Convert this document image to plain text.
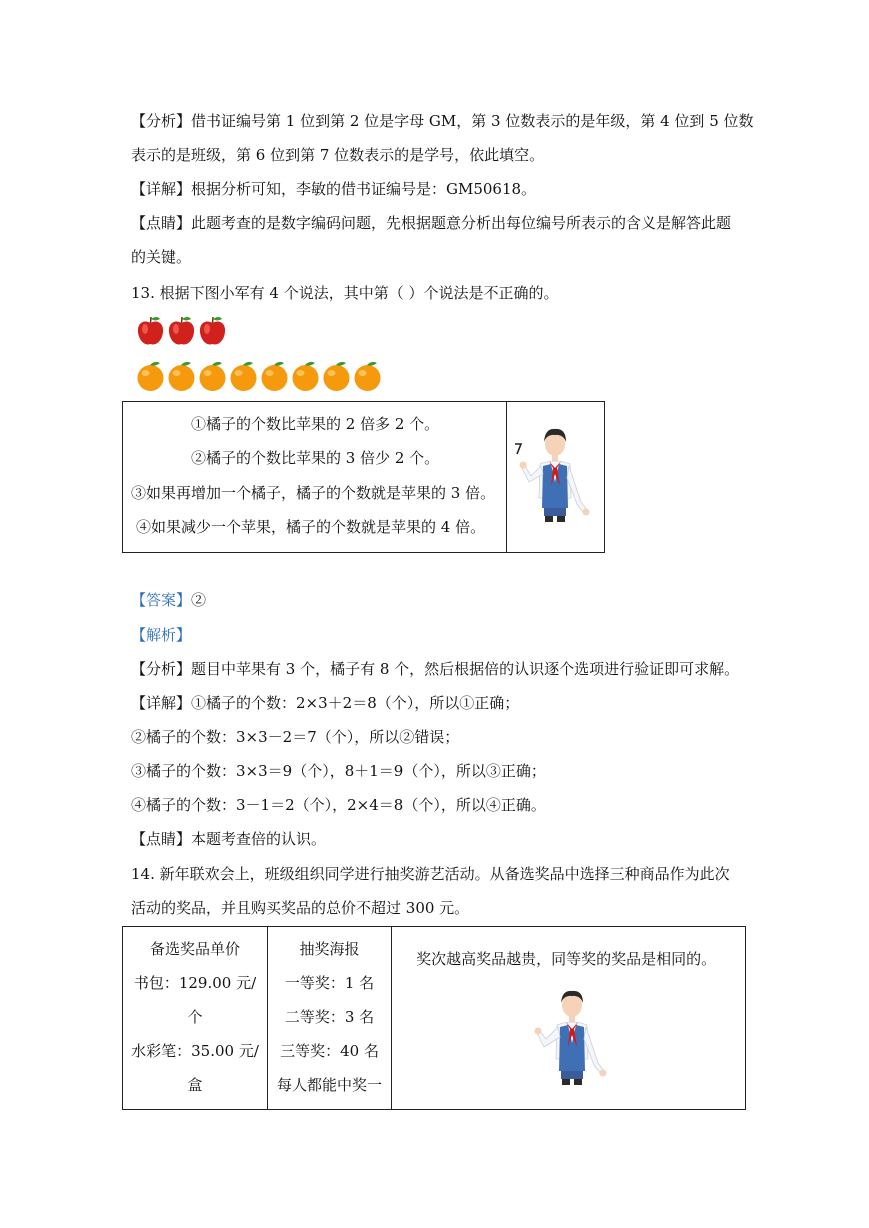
【分析】借书证编号第 1 位到第 2 位是字母 GM，第 3 位数表示的是年级，第 4 位到 5 位数
表示的是班级，第 6 位到第 7 位数表示的是学号，依此填空。
【详解】根据分析可知，李敏的借书证编号是：GM50618。
【点睛】此题考查的是数字编码问题，先根据题意分析出每位编号所表示的含义是解答此题
的关键。
13. 根据下图小军有 4 个说法，其中第（ ）个说法是不正确的。
①橘子的个数比苹果的 2 倍多 2 个。
②橘子的个数比苹果的 3 倍少 2 个。
③如果再增加一个橘子，橘子的个数就是苹果的 3 倍。
④如果减少一个苹果，橘子的个数就是苹果的 4 倍。

【答案】②
【解析】
【分析】题目中苹果有 3 个，橘子有 8 个，然后根据倍的认识逐个选项进行验证即可求解。
【详解】①橘子的个数：2×3＋2＝8（个），所以①正确；
②橘子的个数：3×3－2＝7（个），所以②错误；
③橘子的个数：3×3＝9（个），8＋1＝9（个），所以③正确；
④橘子的个数：3－1＝2（个），2×4＝8（个），所以④正确。
【点睛】本题考查倍的认识。
14. 新年联欢会上，班级组织同学进行抽奖游艺活动。从备选奖品中选择三种商品作为此次
活动的奖品，并且购买奖品的总价不超过 300 元。
备选奖品单价
书包：129.00 元/
个
水彩笔：35.00 元/
盒

抽奖海报
一等奖：1 名
二等奖：3 名
三等奖：40 名
每人都能中奖一

奖次越高奖品越贵，同等奖的奖品是相同的。
